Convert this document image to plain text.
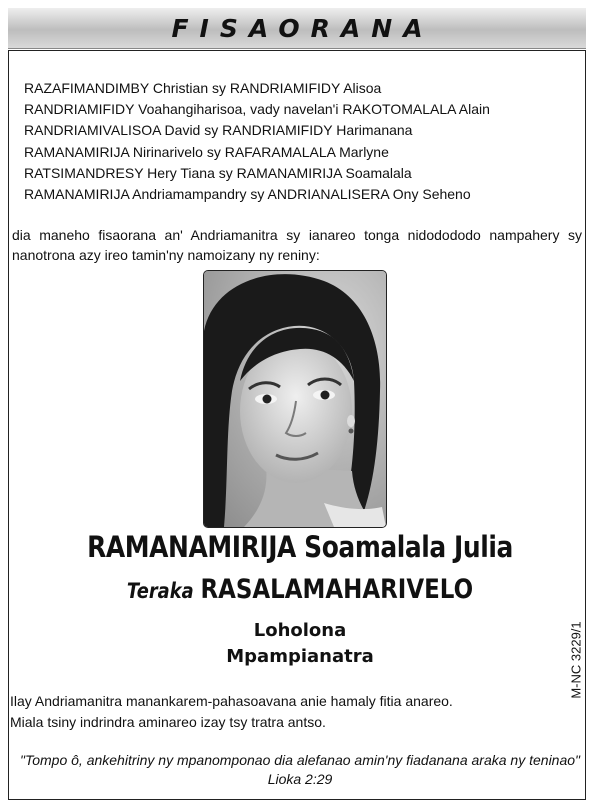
FISAORANA
RAZAFIMANDIMBY Christian sy RANDRIAMIFIDY Alisoa
RANDRIAMIFIDY Voahangiharisoa, vady navelan'i RAKOTOMALALA Alain
RANDRIAMIVALISOA David sy RANDRIAMIFIDY Harimanana
RAMANAMIRIJA Nirinarivelo sy RAFARAMALALA Marlyne
RATSIMANDRESY Hery Tiana sy RAMANAMIRIJA Soamalala
RAMANAMIRIJA Andriamampandry sy ANDRIANALISERA Ony Seheno

dia maneho fisaorana an' Andriamanitra sy ianareo tonga nidodododo nampahery sy nanotrona azy ireo tamin'ny namoizany ny reniny:

RAMANAMIRIJA Soamalala Julia
Teraka RASALAMAHARIVELO
Loholona
Mpampianatra	M-NC 3229/1
Ilay Andriamanitra manankarem-pahasoavana anie hamaly fitia anareo.
Miala tsiny indrindra aminareo izay tsy tratra antso.
"Tompo ô, ankehitriny ny mpanomponao dia alefanao amin'ny fiadanana araka ny teninao"
Lioka 2:29
